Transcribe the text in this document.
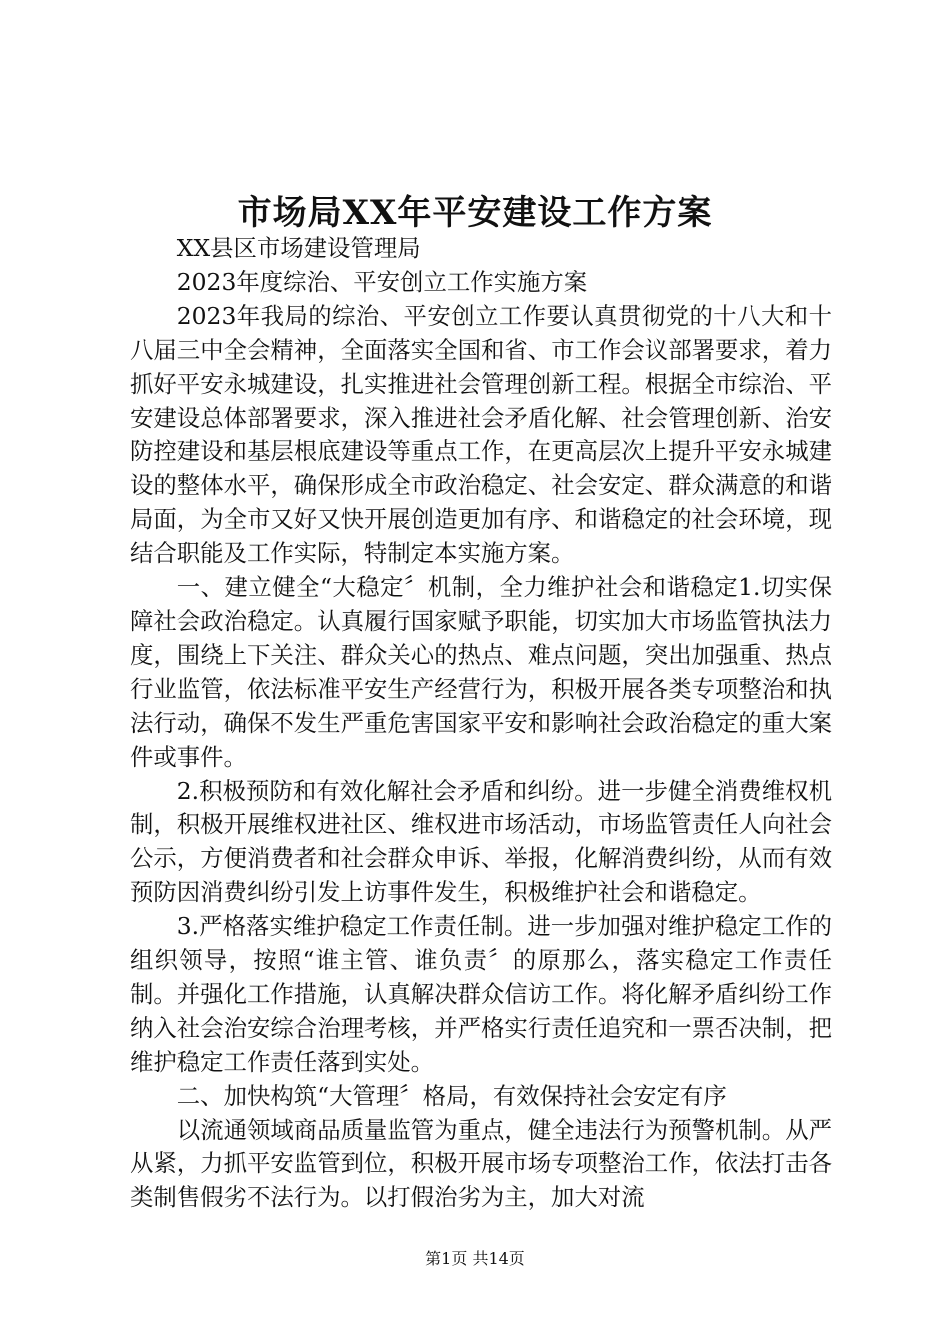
市场局XX年平安建设工作方案

XX县区市场建设管理局

2023年度综治、平安创立工作实施方案

2023年我局的综治、平安创立工作要认真贯彻党的十八大和十八届三中全会精神，全面落实全国和省、市工作会议部署要求，着力抓好平安永城建设，扎实推进社会管理创新工程。根据全市综治、平安建设总体部署要求，深入推进社会矛盾化解、社会管理创新、治安防控建设和基层根底建设等重点工作，在更高层次上提升平安永城建设的整体水平，确保形成全市政治稳定、社会安定、群众满意的和谐局面，为全市又好又快开展创造更加有序、和谐稳定的社会环境，现结合职能及工作实际，特制定本实施方案。

一、建立健全“大稳定〞机制，全力维护社会和谐稳定1.切实保障社会政治稳定。认真履行国家赋予职能，切实加大市场监管执法力度，围绕上下关注、群众关心的热点、难点问题，突出加强重、热点行业监管，依法标准平安生产经营行为，积极开展各类专项整治和执法行动，确保不发生严重危害国家平安和影响社会政治稳定的重大案件或事件。

2.积极预防和有效化解社会矛盾和纠纷。进一步健全消费维权机制，积极开展维权进社区、维权进市场活动，市场监管责任人向社会公示，方便消费者和社会群众申诉、举报，化解消费纠纷，从而有效预防因消费纠纷引发上访事件发生，积极维护社会和谐稳定。

3.严格落实维护稳定工作责任制。进一步加强对维护稳定工作的组织领导，按照“谁主管、谁负责〞的原那么，落实稳定工作责任制。并强化工作措施，认真解决群众信访工作。将化解矛盾纠纷工作纳入社会治安综合治理考核，并严格实行责任追究和一票否决制，把维护稳定工作责任落到实处。

二、加快构筑“大管理〞格局，有效保持社会安定有序

以流通领域商品质量监管为重点，健全违法行为预警机制。从严从紧，力抓平安监管到位，积极开展市场专项整治工作，依法打击各类制售假劣不法行为。以打假治劣为主，加大对流

第1页 共14页
